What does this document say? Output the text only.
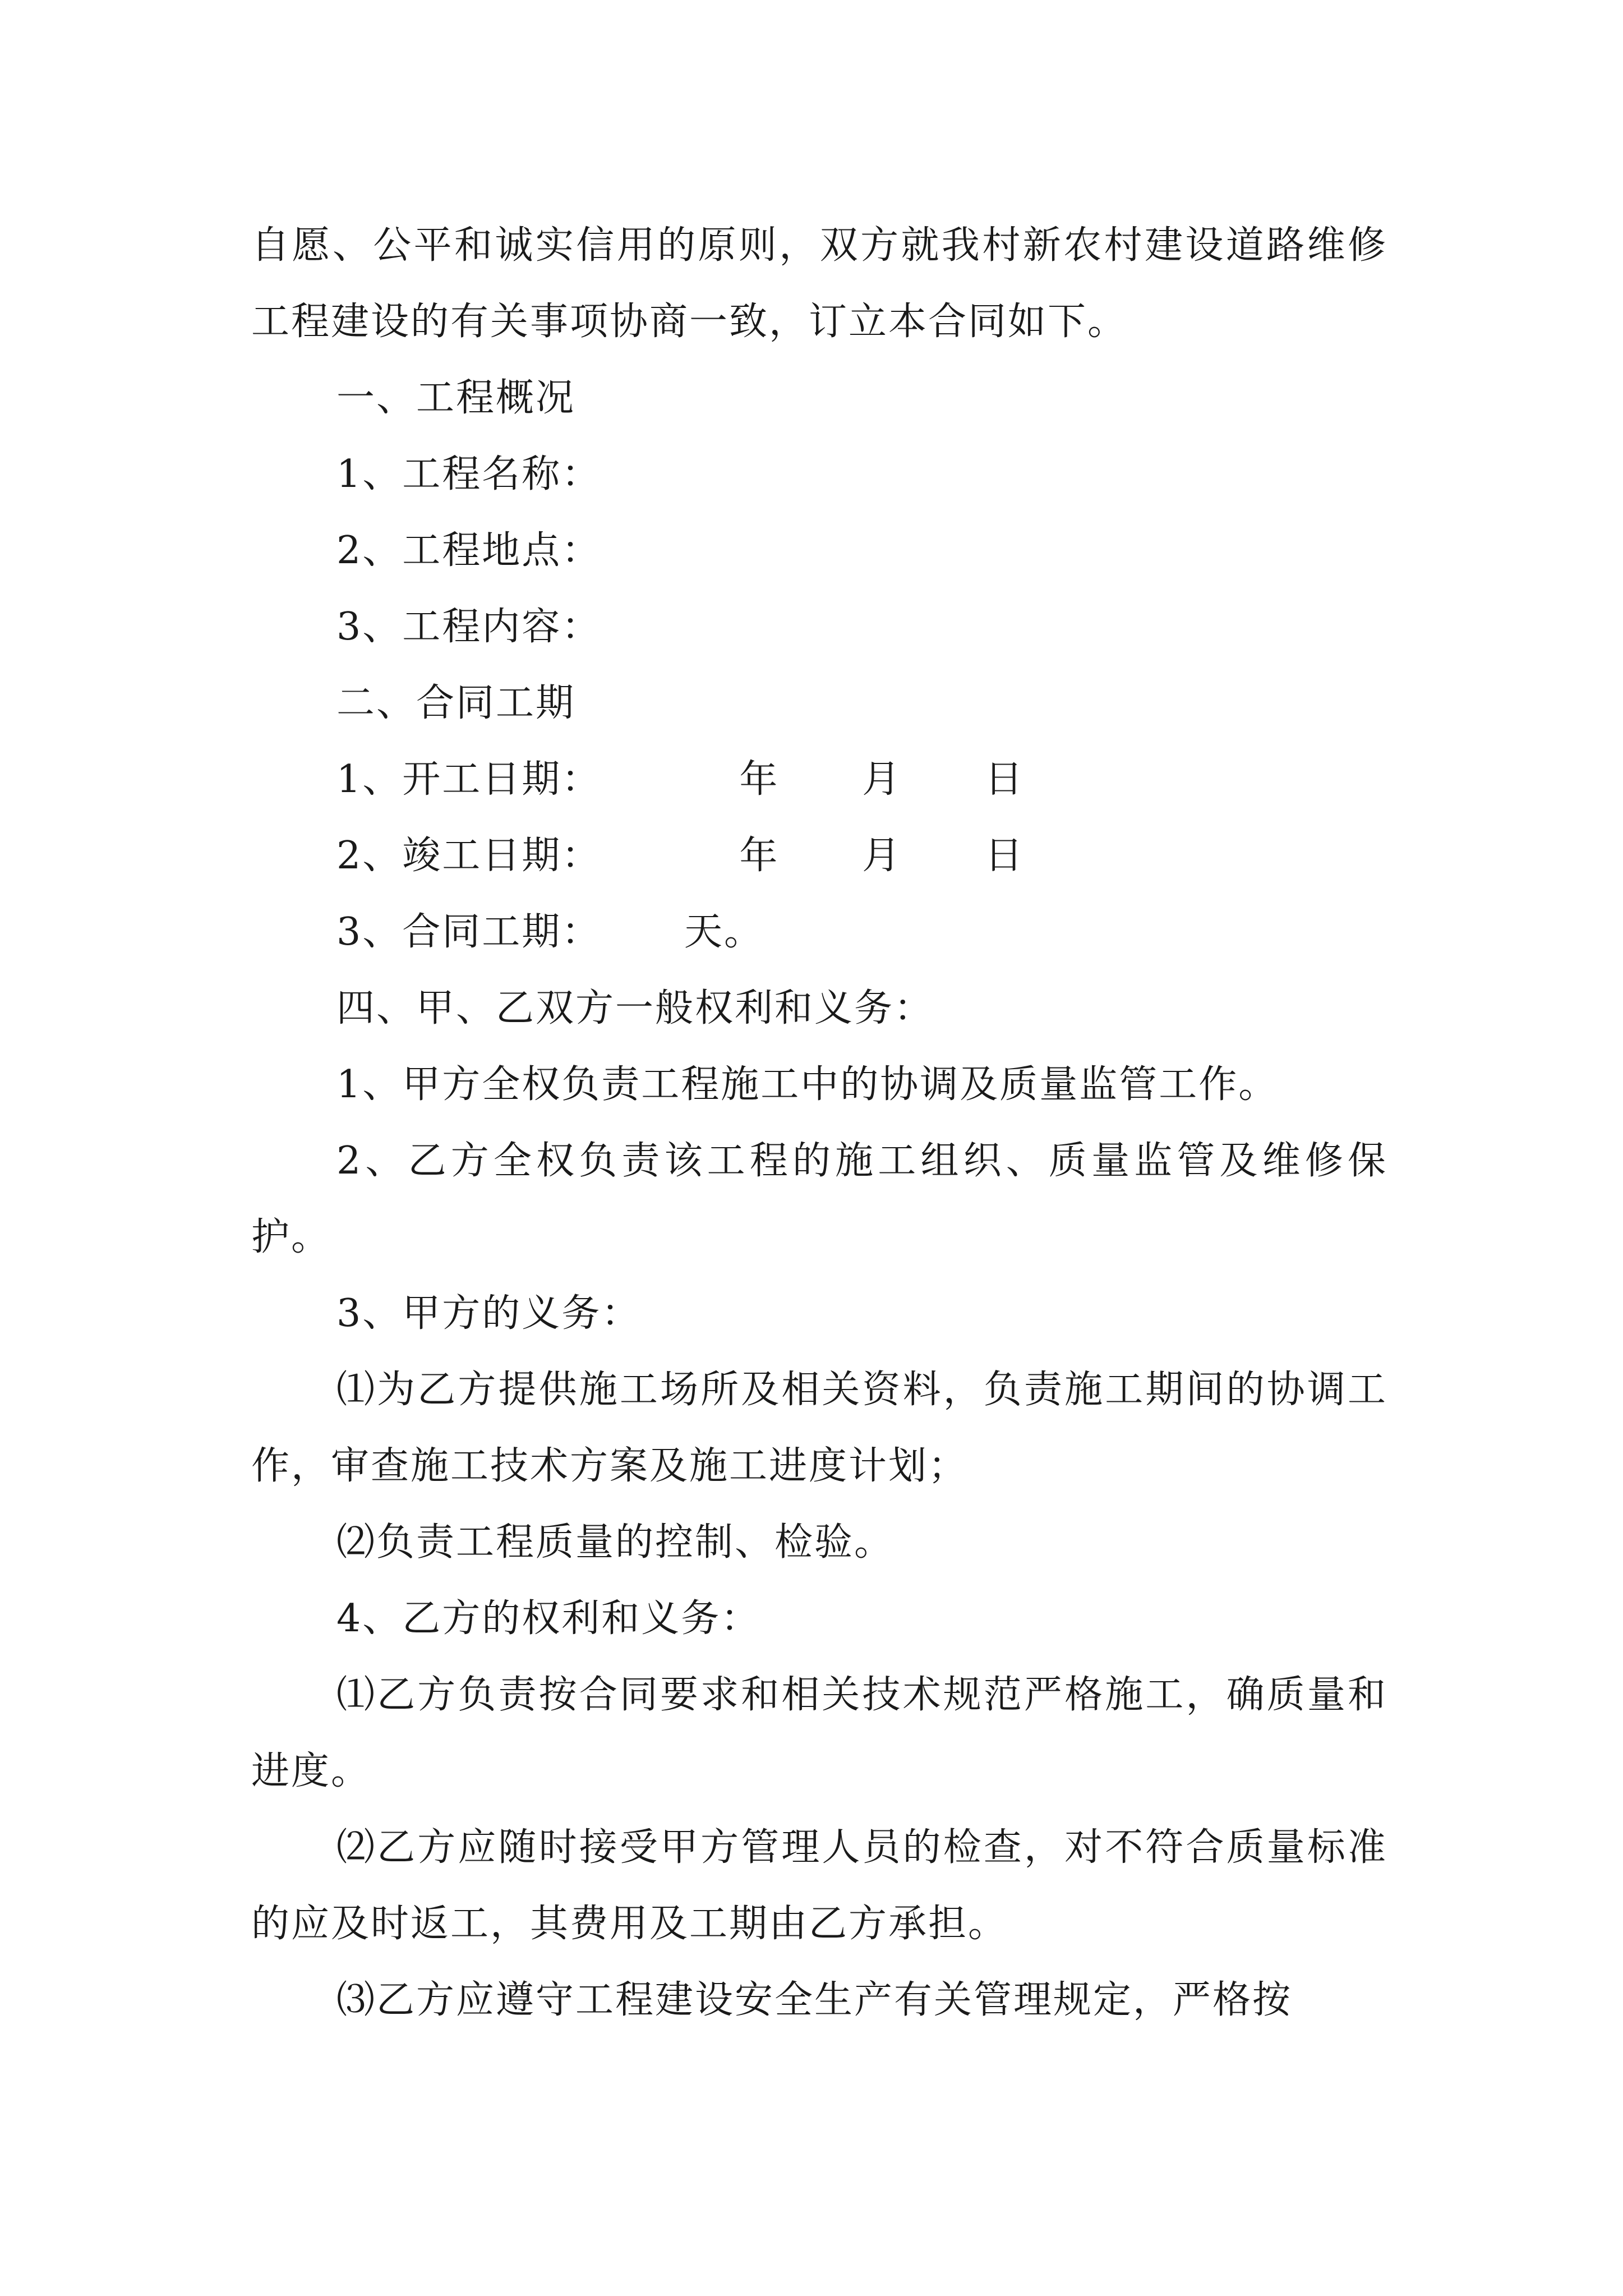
自愿、公平和诚实信用的原则，双方就我村新农村建设道路维修工程建设的有关事项协商一致，订立本合同如下。

一、工程概况

1、工程名称：

2、工程地点：

3、工程内容：

二、合同工期

1、开工日期：          年      月      日

2、竣工日期：          年      月      日

3、合同工期：      天。

四、甲、乙双方一般权利和义务：

1、甲方全权负责工程施工中的协调及质量监管工作。

2、乙方全权负责该工程的施工组织、质量监管及维修保护。

3、甲方的义务：

⑴为乙方提供施工场所及相关资料，负责施工期间的协调工作，审查施工技术方案及施工进度计划；

⑵负责工程质量的控制、检验。

4、乙方的权利和义务：

⑴乙方负责按合同要求和相关技术规范严格施工，确质量和进度。

⑵乙方应随时接受甲方管理人员的检查，对不符合质量标准的应及时返工，其费用及工期由乙方承担。

⑶乙方应遵守工程建设安全生产有关管理规定，严格按
